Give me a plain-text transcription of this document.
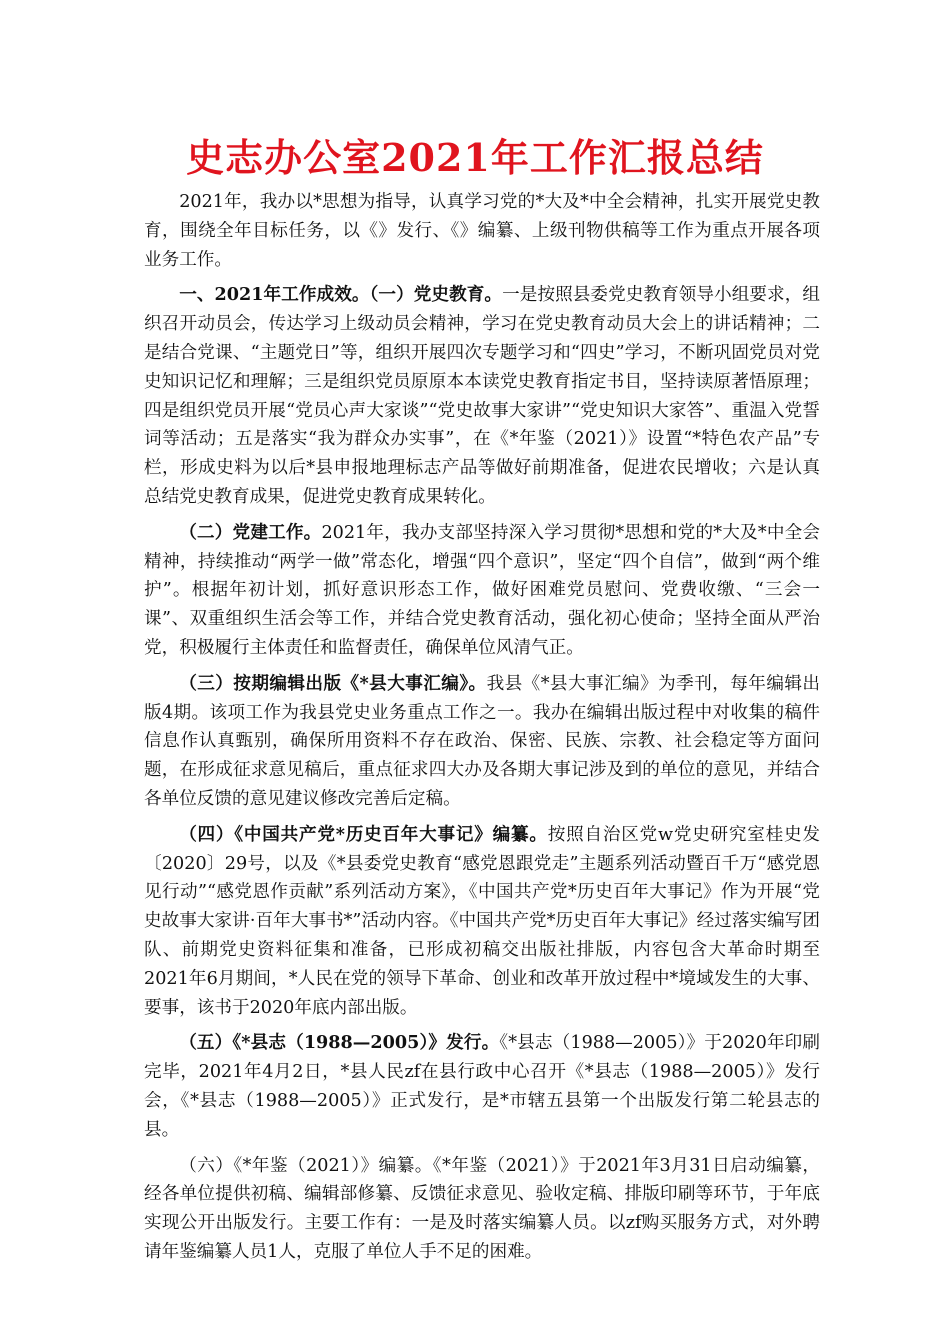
史志办公室2021年工作汇报总结

2021年，我办以*思想为指导，认真学习党的*大及*中全会精神，扎实开展党史教育，围绕全年目标任务，以《》发行、《》编纂、上级刊物供稿等工作为重点开展各项业务工作。

一、2021年工作成效。（一）党史教育。一是按照县委党史教育领导小组要求，组织召开动员会，传达学习上级动员会精神，学习在党史教育动员大会上的讲话精神；二是结合党课、“主题党日”等，组织开展四次专题学习和“四史”学习，不断巩固党员对党史知识记忆和理解；三是组织党员原原本本读党史教育指定书目，坚持读原著悟原理；四是组织党员开展“党员心声大家谈”“党史故事大家讲”“党史知识大家答”、重温入党誓词等活动；五是落实“我为群众办实事”，在《*年鉴（2021）》设置“*特色农产品”专栏，形成史料为以后*县申报地理标志产品等做好前期准备，促进农民增收；六是认真总结党史教育成果，促进党史教育成果转化。

（二）党建工作。2021年，我办支部坚持深入学习贯彻*思想和党的*大及*中全会精神，持续推动“两学一做”常态化，增强“四个意识”，坚定“四个自信”，做到“两个维护”。根据年初计划，抓好意识形态工作，做好困难党员慰问、党费收缴、“三会一课”、双重组织生活会等工作，并结合党史教育活动，强化初心使命；坚持全面从严治党，积极履行主体责任和监督责任，确保单位风清气正。

（三）按期编辑出版《*县大事汇编》。我县《*县大事汇编》为季刊，每年编辑出版4期。该项工作为我县党史业务重点工作之一。我办在编辑出版过程中对收集的稿件信息作认真甄别，确保所用资料不存在政治、保密、民族、宗教、社会稳定等方面问题，在形成征求意见稿后，重点征求四大办及各期大事记涉及到的单位的意见，并结合各单位反馈的意见建议修改完善后定稿。

（四）《中国共产党*历史百年大事记》编纂。按照自治区党w党史研究室桂史发〔2020〕29号，以及《*县委党史教育“感党恩跟党走”主题系列活动暨百千万“感党恩见行动”“感党恩作贡献”系列活动方案》，《中国共产党*历史百年大事记》作为开展“党史故事大家讲·百年大事书*”活动内容。《中国共产党*历史百年大事记》经过落实编写团队、前期党史资料征集和准备，已形成初稿交出版社排版，内容包含大革命时期至2021年6月期间，*人民在党的领导下革命、创业和改革开放过程中*境域发生的大事、要事，该书于2020年底内部出版。

（五）《*县志（1988—2005）》发行。《*县志（1988—2005）》于2020年印刷完毕，2021年4月2日，*县人民zf在县行政中心召开《*县志（1988—2005）》发行会，《*县志（1988—2005）》正式发行，是*市辖五县第一个出版发行第二轮县志的县。

（六）《*年鉴（2021）》编纂。《*年鉴（2021）》于2021年3月31日启动编纂，经各单位提供初稿、编辑部修纂、反馈征求意见、验收定稿、排版印刷等环节，于年底实现公开出版发行。主要工作有：一是及时落实编纂人员。以zf购买服务方式，对外聘请年鉴编纂人员1人，克服了单位人手不足的困难。
